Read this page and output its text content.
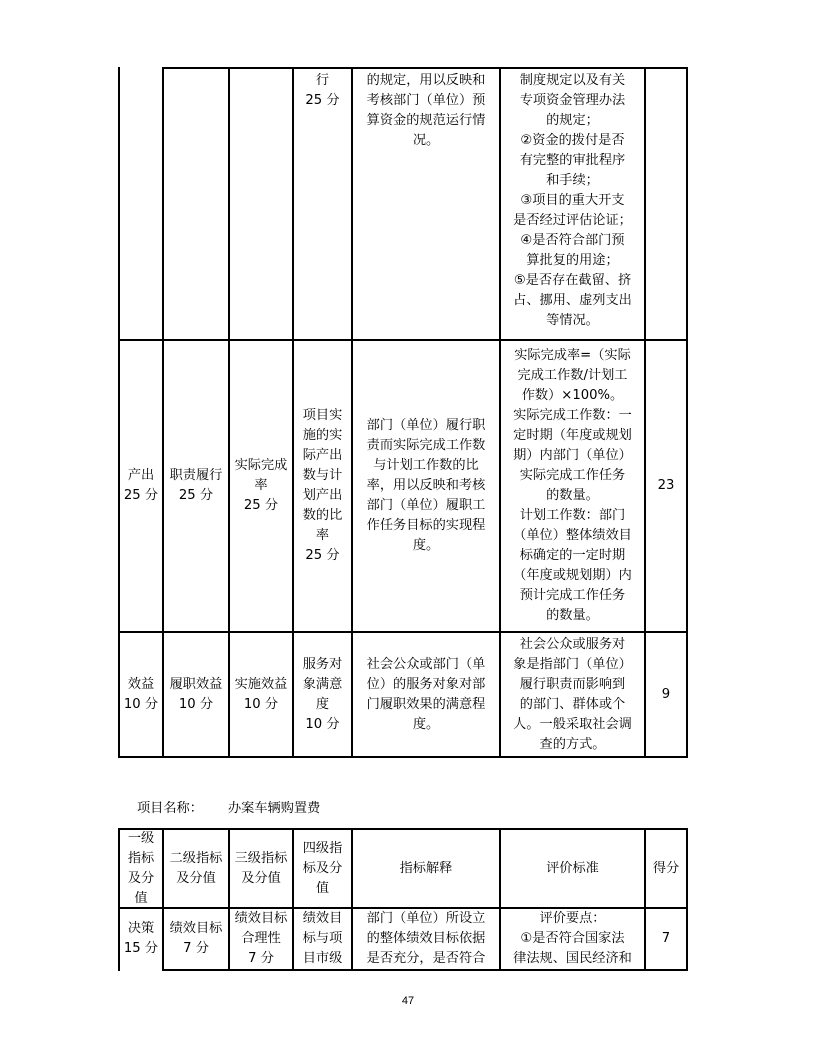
行
25 分
的规定，用以反映和
考核部门（单位）预
算资金的规范运行情
况。
制度规定以及有关
专项资金管理办法
的规定；
②资金的拨付是否
有完整的审批程序
和手续；
③项目的重大开支
是否经过评估论证；
④是否符合部门预
算批复的用途；
⑤是否存在截留、挤
占、挪用、虚列支出
等情况。
产出
25 分
职责履行
25 分
实际完成
率
25 分
项目实
施的实
际产出
数与计
划产出
数的比
率
25 分
部门（单位）履行职
责而实际完成工作数
与计划工作数的比
率，用以反映和考核
部门（单位）履职工
作任务目标的实现程
度。
实际完成率=（实际
完成工作数/计划工
作数）×100%。
实际完成工作数：一
定时期（年度或规划
期）内部门（单位）
实际完成工作任务
的数量。
计划工作数：部门
（单位）整体绩效目
标确定的一定时期
（年度或规划期）内
预计完成工作任务
的数量。
23
效益
10 分
履职效益
10 分
实施效益
10 分
服务对
象满意
度
10 分
社会公众或部门（单
位）的服务对象对部
门履职效果的满意程
度。
社会公众或服务对
象是指部门（单位）
履行职责而影响到
的部门、群体或个
人。一般采取社会调
查的方式。
9
项目名称： 办案车辆购置费
一级
指标
及分
值
二级指标
及分值
三级指标
及分值
四级指
标及分
值
指标解释	评价标准	得分
决策
15 分
绩效目标
7 分
绩效目标
合理性
7 分
绩效目
标与项
目市级
部门（单位）所设立
的整体绩效目标依据
是否充分，是否符合
评价要点：
①是否符合国家法
律法规、国民经济和
7
47
